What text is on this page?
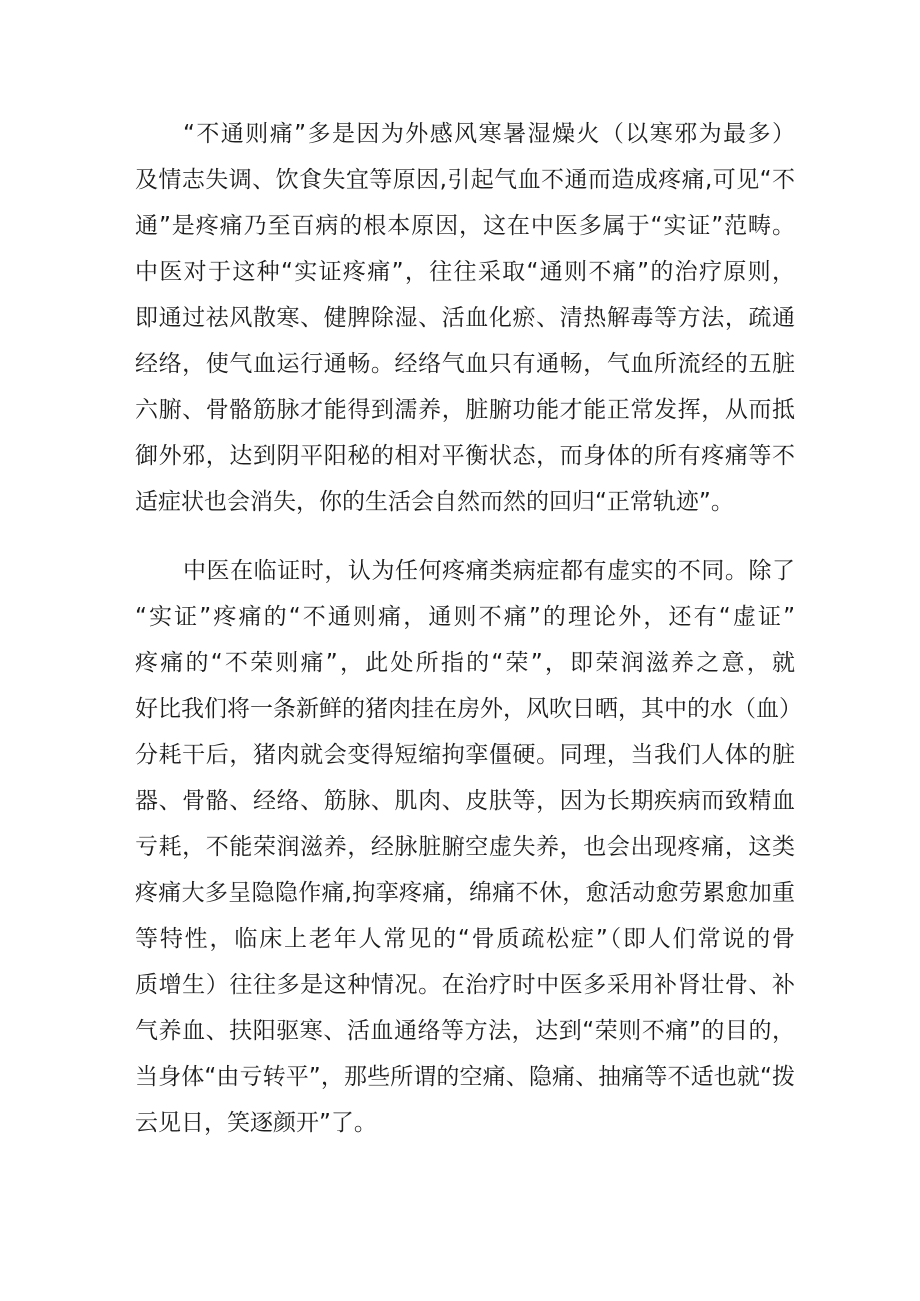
“不通则痛”多是因为外感风寒暑湿燥火（以寒邪为最多）
及情志失调、饮食失宜等原因,引起气血不通而造成疼痛,可见“不
通”是疼痛乃至百病的根本原因，这在中医多属于“实证”范畴。
中医对于这种“实证疼痛”，往往采取“通则不痛”的治疗原则，
即通过祛风散寒、健脾除湿、活血化瘀、清热解毒等方法，疏通
经络，使气血运行通畅。经络气血只有通畅，气血所流经的五脏
六腑、骨骼筋脉才能得到濡养，脏腑功能才能正常发挥，从而抵
御外邪，达到阴平阳秘的相对平衡状态，而身体的所有疼痛等不
适症状也会消失，你的生活会自然而然的回归“正常轨迹”。
中医在临证时，认为任何疼痛类病症都有虚实的不同。除了
“实证”疼痛的“不通则痛，通则不痛”的理论外，还有“虚证”
疼痛的“不荣则痛”，此处所指的“荣”，即荣润滋养之意，就
好比我们将一条新鲜的猪肉挂在房外，风吹日晒，其中的水（血）
分耗干后，猪肉就会变得短缩拘挛僵硬。同理，当我们人体的脏
器、骨骼、经络、筋脉、肌肉、皮肤等，因为长期疾病而致精血
亏耗，不能荣润滋养，经脉脏腑空虚失养，也会出现疼痛，这类
疼痛大多呈隐隐作痛,拘挛疼痛，绵痛不休，愈活动愈劳累愈加重
等特性，临床上老年人常见的“骨质疏松症”（即人们常说的骨
质增生）往往多是这种情况。在治疗时中医多采用补肾壮骨、补
气养血、扶阳驱寒、活血通络等方法，达到“荣则不痛”的目的，
当身体“由亏转平”，那些所谓的空痛、隐痛、抽痛等不适也就“拨
云见日，笑逐颜开”了。
